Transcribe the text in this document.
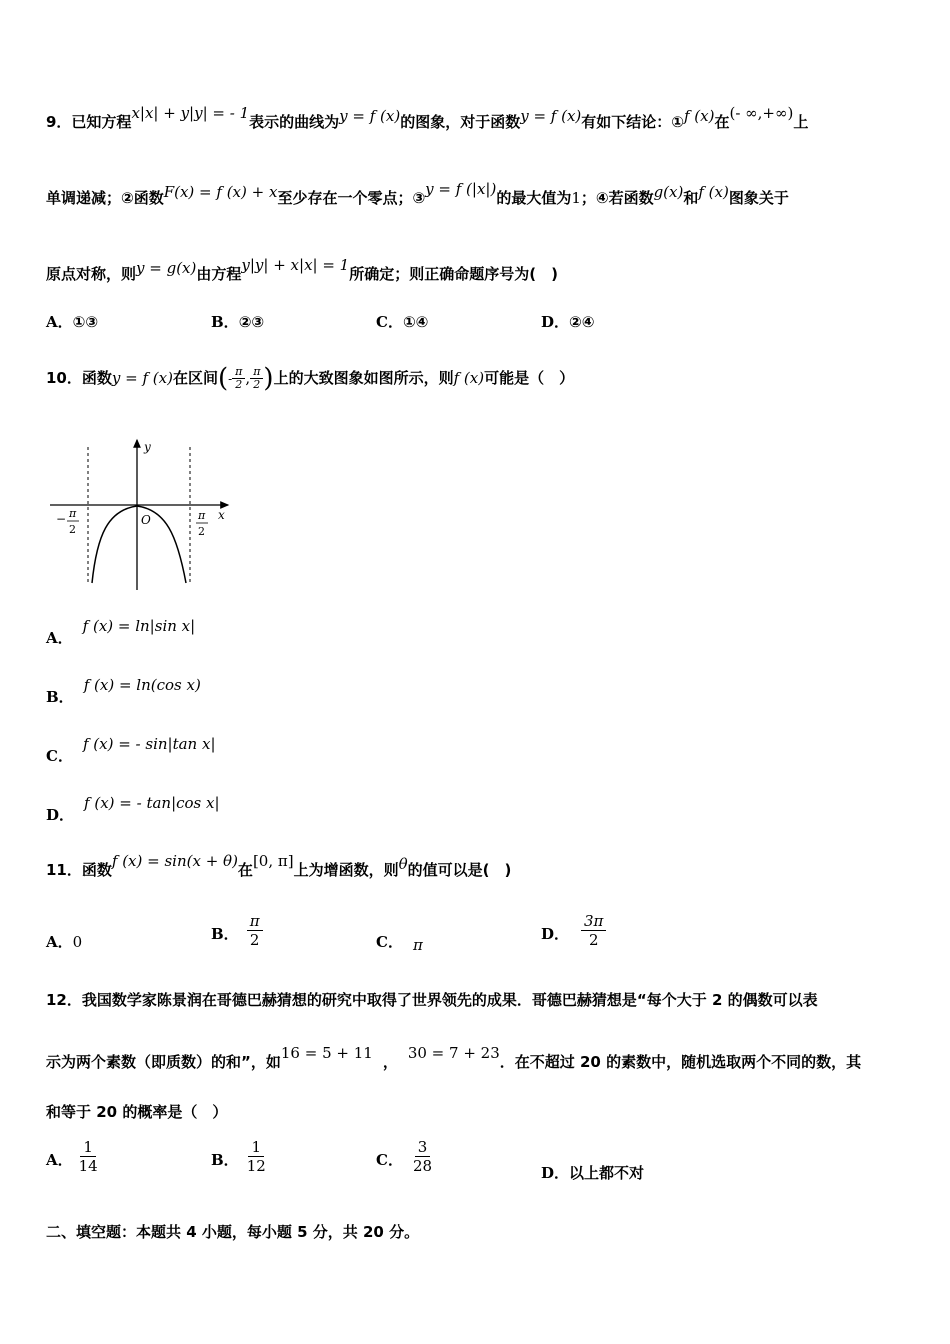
9．已知方程x|x| + y|y| = - 1表示的曲线为y = f (x)的图象，对于函数y = f (x)有如下结论：①f (x)在(- ∞,+∞)上
单调递减；②函数F(x) = f (x) + x至少存在一个零点；③y = f (|x|)的最大值为1；④若函数g(x)和f (x)图象关于
原点对称，则y = g(x)由方程y|y| + x|x| = 1所确定；则正确命题序号为(　)
A．①③	B．②③	C．①④	D．②④
10．函数y = f (x)在区间(- $\frac{\pi}{2}$ , $\frac{\pi}{2}$ )上的大致图象如图所示，则f (x)可能是（　）
y
x
O
− π
2
π
2
A．f (x) = ln|sin x|
B．f (x) = ln(cos x)
C．f (x) = - sin|tan x|
D．f (x) = - tan|cos x|
11．函数f (x) = sin(x + θ)在[0, π]上为增函数，则θ的值可以是(　)
A．0	B． $\frac{\pi}{2}$	C． π
D． $\frac{3\pi}{2}$
12．我国数学家陈景润在哥德巴赫猜想的研究中取得了世界领先的成果．哥德巴赫猜想是“每个大于 2 的偶数可以表
示为两个素数（即质数）的和”，如16 = 5 + 11 ， 30 = 7 + 23．在不超过 20 的素数中，随机选取两个不同的数，其
和等于 20 的概率是（　）
A． $\frac{1}{14}$	B． $\frac{1}{12}$	C． $\frac{3}{28}$	D．以上都不对
二、填空题：本题共 4 小题，每小题 5 分，共 20 分。
